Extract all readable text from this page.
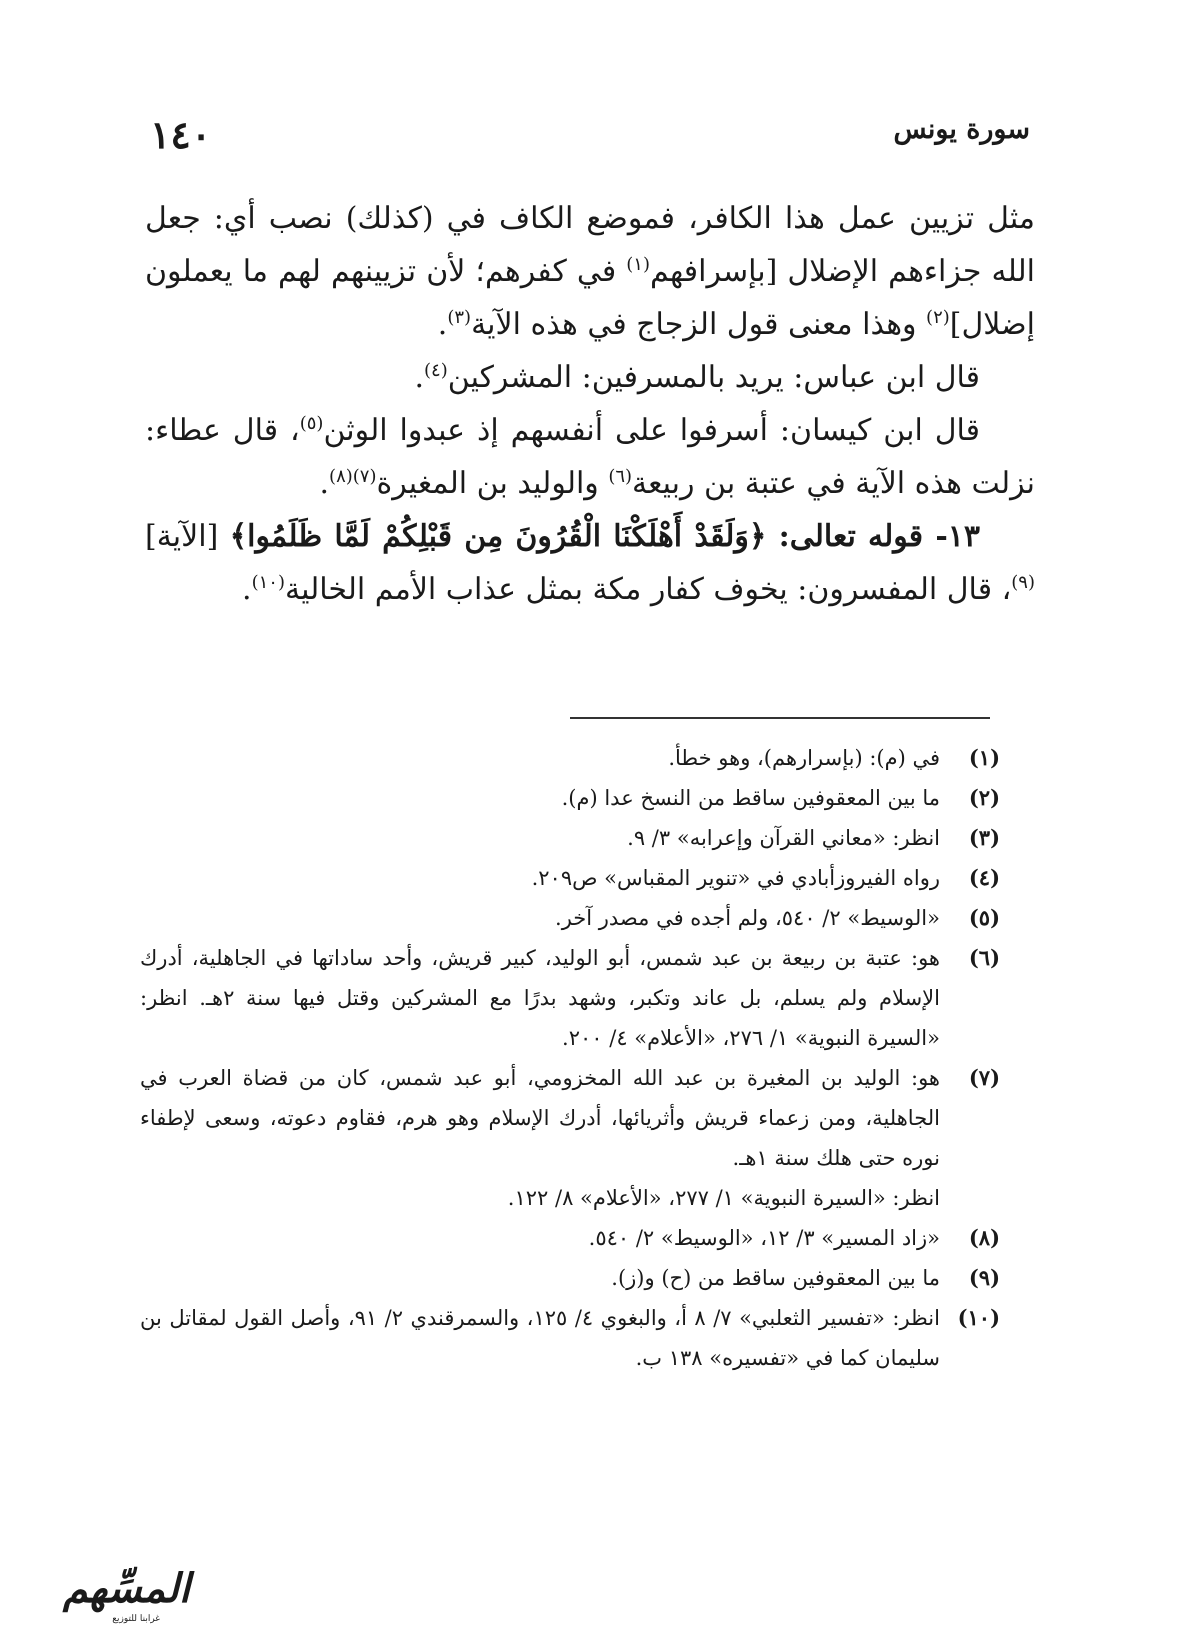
١٤٠	سورة يونس

مثل تزيين عمل هذا الكافر، فموضع الكاف في (كذلك) نصب أي: جعل الله جزاءهم الإضلال [بإسرافهم$^{(١)}$ في كفرهم؛ لأن تزيينهم لهم ما يعملون إضلال]$^{(٢)}$ وهذا معنى قول الزجاج في هذه الآية$^{(٣)}$.

قال ابن عباس: يريد بالمسرفين: المشركين$^{(٤)}$.

قال ابن كيسان: أسرفوا على أنفسهم إذ عبدوا الوثن$^{(٥)}$، قال عطاء: نزلت هذه الآية في عتبة بن ربيعة$^{(٦)}$ والوليد بن المغيرة$^{(٧)(٨)}$.

١٣- قوله تعالى: ﴿وَلَقَدْ أَهْلَكْنَا الْقُرُونَ مِن قَبْلِكُمْ لَمَّا ظَلَمُوا﴾ [الآية]$^{(٩)}$، قال المفسرون: يخوف كفار مكة بمثل عذاب الأمم الخالية$^{(١٠)}$.

(١)
في (م): (بإسرارهم)، وهو خطأ.

(٢)
ما بين المعقوفين ساقط من النسخ عدا (م).

(٣)
انظر: «معاني القرآن وإعرابه» ٣/ ٩.

(٤)
رواه الفيروزأبادي في «تنوير المقباس» ص٢٠٩.

(٥)
«الوسيط» ٢/ ٥٤٠، ولم أجده في مصدر آخر.

(٦)
هو: عتبة بن ربيعة بن عبد شمس، أبو الوليد، كبير قريش، وأحد ساداتها في الجاهلية، أدرك الإسلام ولم يسلم، بل عاند وتكبر، وشهد بدرًا مع المشركين وقتل فيها سنة ٢هـ. انظر: «السيرة النبوية» ١/ ٢٧٦، «الأعلام» ٤/ ٢٠٠.

(٧)
هو: الوليد بن المغيرة بن عبد الله المخزومي، أبو عبد شمس، كان من قضاة العرب في الجاهلية، ومن زعماء قريش وأثريائها، أدرك الإسلام وهو هرم، فقاوم دعوته، وسعى لإطفاء نوره حتى هلك سنة ١هـ.
انظر: «السيرة النبوية» ١/ ٢٧٧، «الأعلام» ٨/ ١٢٢.

(٨)
«زاد المسير» ٣/ ١٢، «الوسيط» ٢/ ٥٤٠.

(٩)
ما بين المعقوفين ساقط من (ح) و(ز).

(١٠)
انظر: «تفسير الثعلبي» ٧/ ٨ أ، والبغوي ٤/ ١٢٥، والسمرقندي ٢/ ٩١، وأصل القول لمقاتل بن سليمان كما في «تفسيره» ١٣٨ ب.

المسِّهم
غرابنا للتوزيع
